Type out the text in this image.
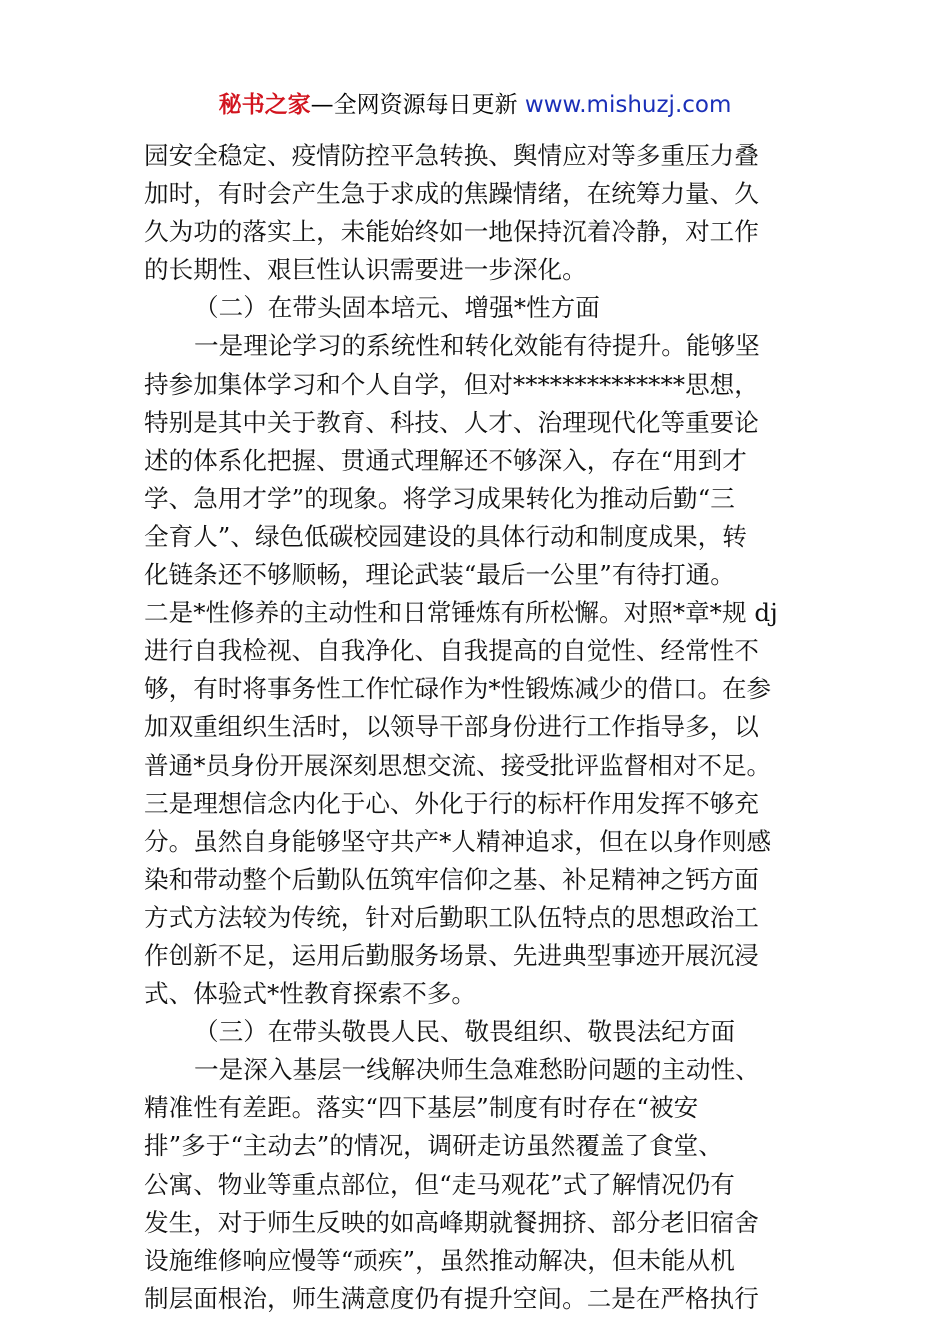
秘书之家—全网资源每日更新 www.mishuzj.com
园安全稳定、疫情防控平急转换、舆情应对等多重压力叠
加时，有时会产生急于求成的焦躁情绪，在统筹力量、久
久为功的落实上，未能始终如一地保持沉着冷静，对工作
的长期性、艰巨性认识需要进一步深化。
（二）在带头固本培元、增强*性方面
一是理论学习的系统性和转化效能有待提升。能够坚
持参加集体学习和个人自学，但对**************思想，
特别是其中关于教育、科技、人才、治理现代化等重要论
述的体系化把握、贯通式理解还不够深入，存在“用到才
学、急用才学”的现象。将学习成果转化为推动后勤“三
全育人”、绿色低碳校园建设的具体行动和制度成果，转
化链条还不够顺畅，理论武装“最后一公里”有待打通。
二是*性修养的主动性和日常锤炼有所松懈。对照*章*规 dj
进行自我检视、自我净化、自我提高的自觉性、经常性不
够，有时将事务性工作忙碌作为*性锻炼减少的借口。在参
加双重组织生活时，以领导干部身份进行工作指导多，以
普通*员身份开展深刻思想交流、接受批评监督相对不足。
三是理想信念内化于心、外化于行的标杆作用发挥不够充
分。虽然自身能够坚守共产*人精神追求，但在以身作则感
染和带动整个后勤队伍筑牢信仰之基、补足精神之钙方面
方式方法较为传统，针对后勤职工队伍特点的思想政治工
作创新不足，运用后勤服务场景、先进典型事迹开展沉浸
式、体验式*性教育探索不多。
（三）在带头敬畏人民、敬畏组织、敬畏法纪方面
一是深入基层一线解决师生急难愁盼问题的主动性、
精准性有差距。落实“四下基层”制度有时存在“被安
排”多于“主动去”的情况，调研走访虽然覆盖了食堂、
公寓、物业等重点部位，但“走马观花”式了解情况仍有
发生，对于师生反映的如高峰期就餐拥挤、部分老旧宿舍
设施维修响应慢等“顽疾”，虽然推动解决，但未能从机
制层面根治，师生满意度仍有提升空间。二是在严格执行
